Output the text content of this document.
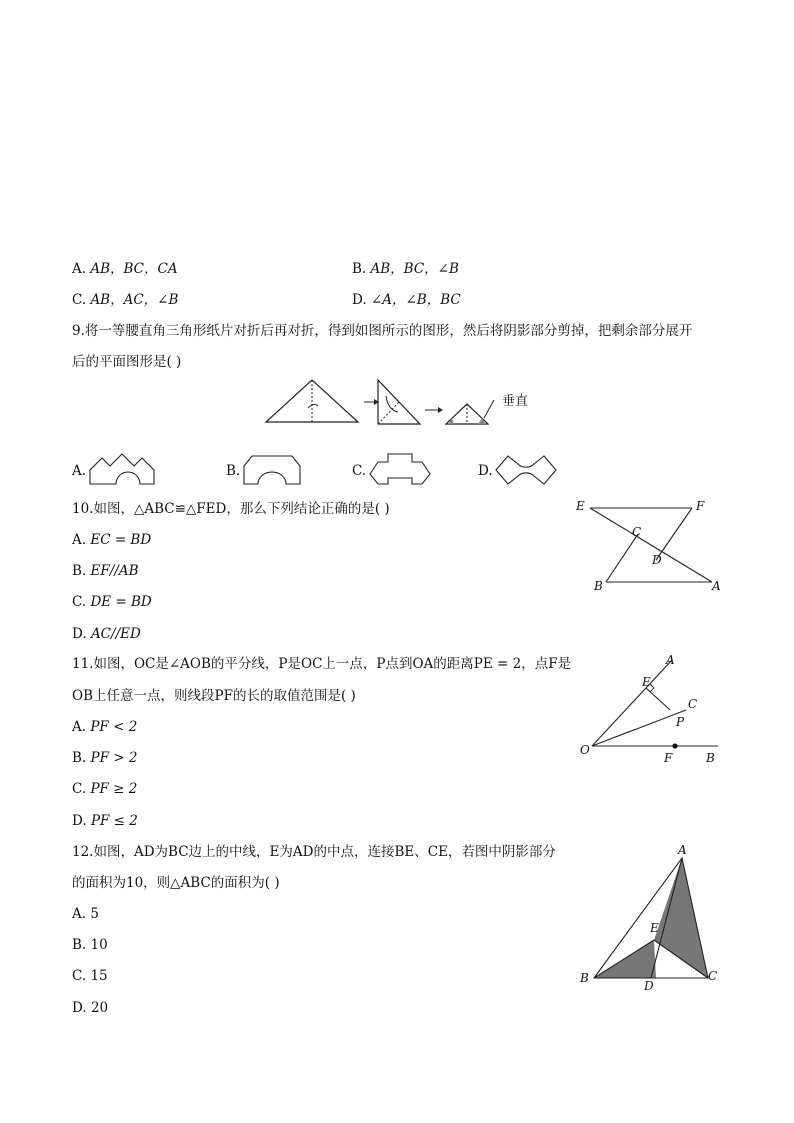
A. AB，BC，CA	B. AB，BC，∠B
C. AB，AC，∠B	D. ∠A，∠B，BC
9.将一等腰直角三角形纸片对折后再对折，得到如图所示的图形，然后将阴影部分剪掉，把剩余部分展开
后的平面图形是( )
垂直
A.	B.	C.	D.
10.如图，△ABC≌△FED，那么下列结论正确的是( )
A. EC = BD
B. EF//AB
C. DE = BD
D. AC//ED
E	F
C
D
B	A
11.如图，OC是∠AOB的平分线，P是OC上一点，P点到OA的距离PE = 2，点F是
OB上任意一点，则线段PF的长的取值范围是( )
A. PF < 2
B. PF > 2
C. PF ≥ 2
D. PF ≤ 2
A
E
C
P
O
F	B
12.如图，AD为BC边上的中线，E为AD的中点，连接BE、CE，若图中阴影部分
的面积为10，则△ABC的面积为( )
A. 5
B. 10
C. 15
D. 20
A
E
B
D
C
